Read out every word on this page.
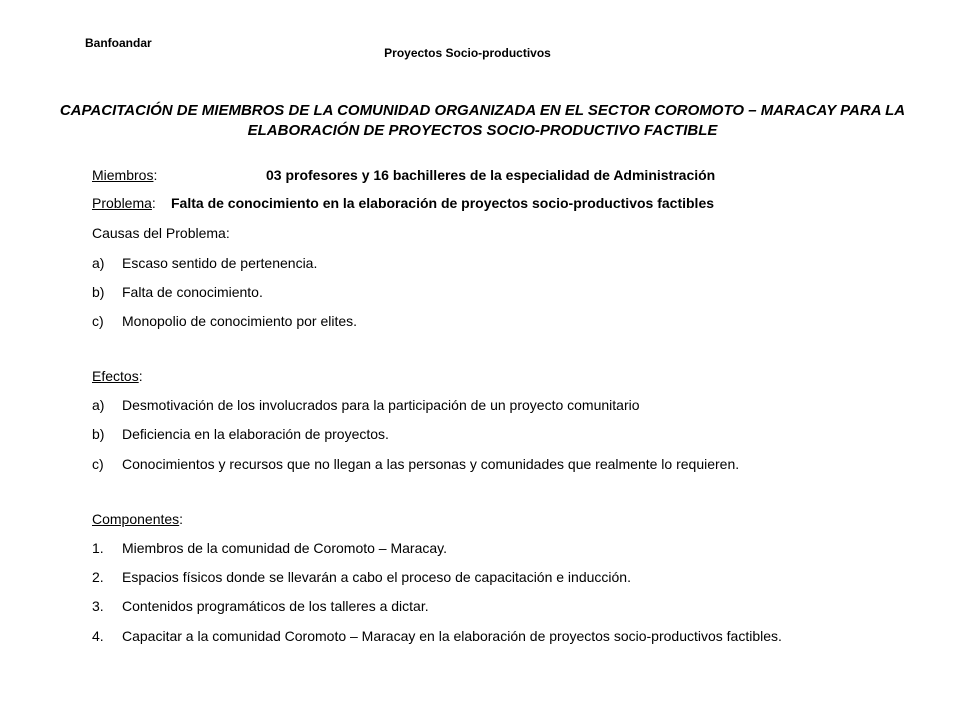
Banfoandar
Proyectos Socio-productivos
CAPACITACIÓN DE MIEMBROS DE LA COMUNIDAD ORGANIZADA EN EL SECTOR COROMOTO – MARACAY PARA LA ELABORACIÓN DE PROYECTOS SOCIO-PRODUCTIVO FACTIBLE
Miembros:	03 profesores y 16 bachilleres de la especialidad de Administración
Problema: Falta de conocimiento en la elaboración de proyectos socio-productivos factibles
Causas del Problema:
a) Escaso sentido de pertenencia.
b) Falta de conocimiento.
c) Monopolio de conocimiento por elites.
Efectos:
a) Desmotivación de los involucrados para la participación de un proyecto comunitario
b) Deficiencia en la elaboración de proyectos.
c) Conocimientos y recursos que no llegan a las personas y comunidades que realmente lo requieren.
Componentes:
1. Miembros de la comunidad de Coromoto – Maracay.
2. Espacios físicos donde se llevarán a cabo el proceso de capacitación e inducción.
3. Contenidos programáticos de los talleres a dictar.
4.	Capacitar a la comunidad Coromoto – Maracay en la elaboración de proyectos socio-productivos factibles.
